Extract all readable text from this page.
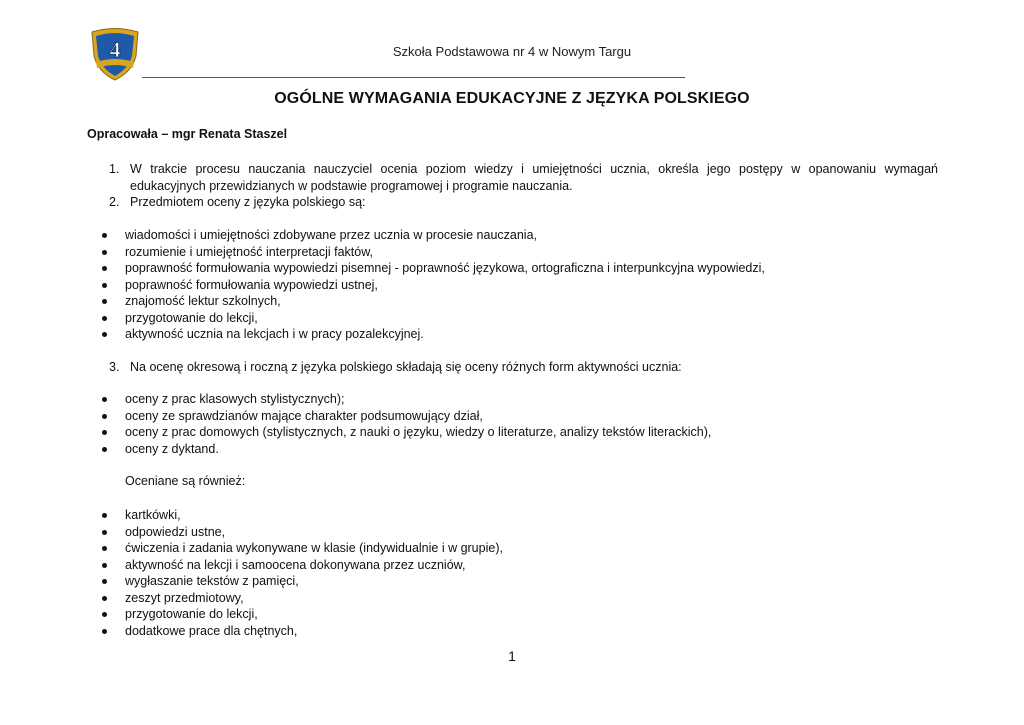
4	Szkoła Podstawowa nr 4 w Nowym Targu
OGÓLNE WYMAGANIA EDUKACYJNE Z JĘZYKA POLSKIEGO
Opracowała – mgr Renata Staszel
1. W trakcie procesu nauczania nauczyciel ocenia poziom wiedzy i umiejętności ucznia, określa jego postępy w opanowaniu wymagań edukacyjnych przewidzianych w podstawie programowej i programie nauczania.
2. Przedmiotem oceny z języka polskiego są:
wiadomości i umiejętności zdobywane przez ucznia w procesie nauczania,
rozumienie i umiejętność interpretacji faktów,
poprawność formułowania wypowiedzi pisemnej - poprawność językowa, ortograficzna i interpunkcyjna wypowiedzi,
poprawność formułowania wypowiedzi ustnej,
znajomość lektur szkolnych,
przygotowanie do lekcji,
aktywność ucznia na lekcjach i w pracy pozalekcyjnej.
3. Na ocenę okresową i roczną z języka polskiego składają się oceny różnych form aktywności ucznia:
oceny z prac klasowych stylistycznych);
oceny ze sprawdzianów mające charakter podsumowujący dział,
oceny z prac domowych (stylistycznych, z nauki o języku, wiedzy o literaturze, analizy tekstów literackich),
oceny z dyktand.
Oceniane są również:
kartkówki,
odpowiedzi ustne,
ćwiczenia i zadania wykonywane w klasie (indywidualnie i w grupie),
aktywność na lekcji i samoocena dokonywana przez uczniów,
wygłaszanie tekstów z pamięci,
zeszyt przedmiotowy,
przygotowanie do lekcji,
dodatkowe prace dla chętnych,
1
